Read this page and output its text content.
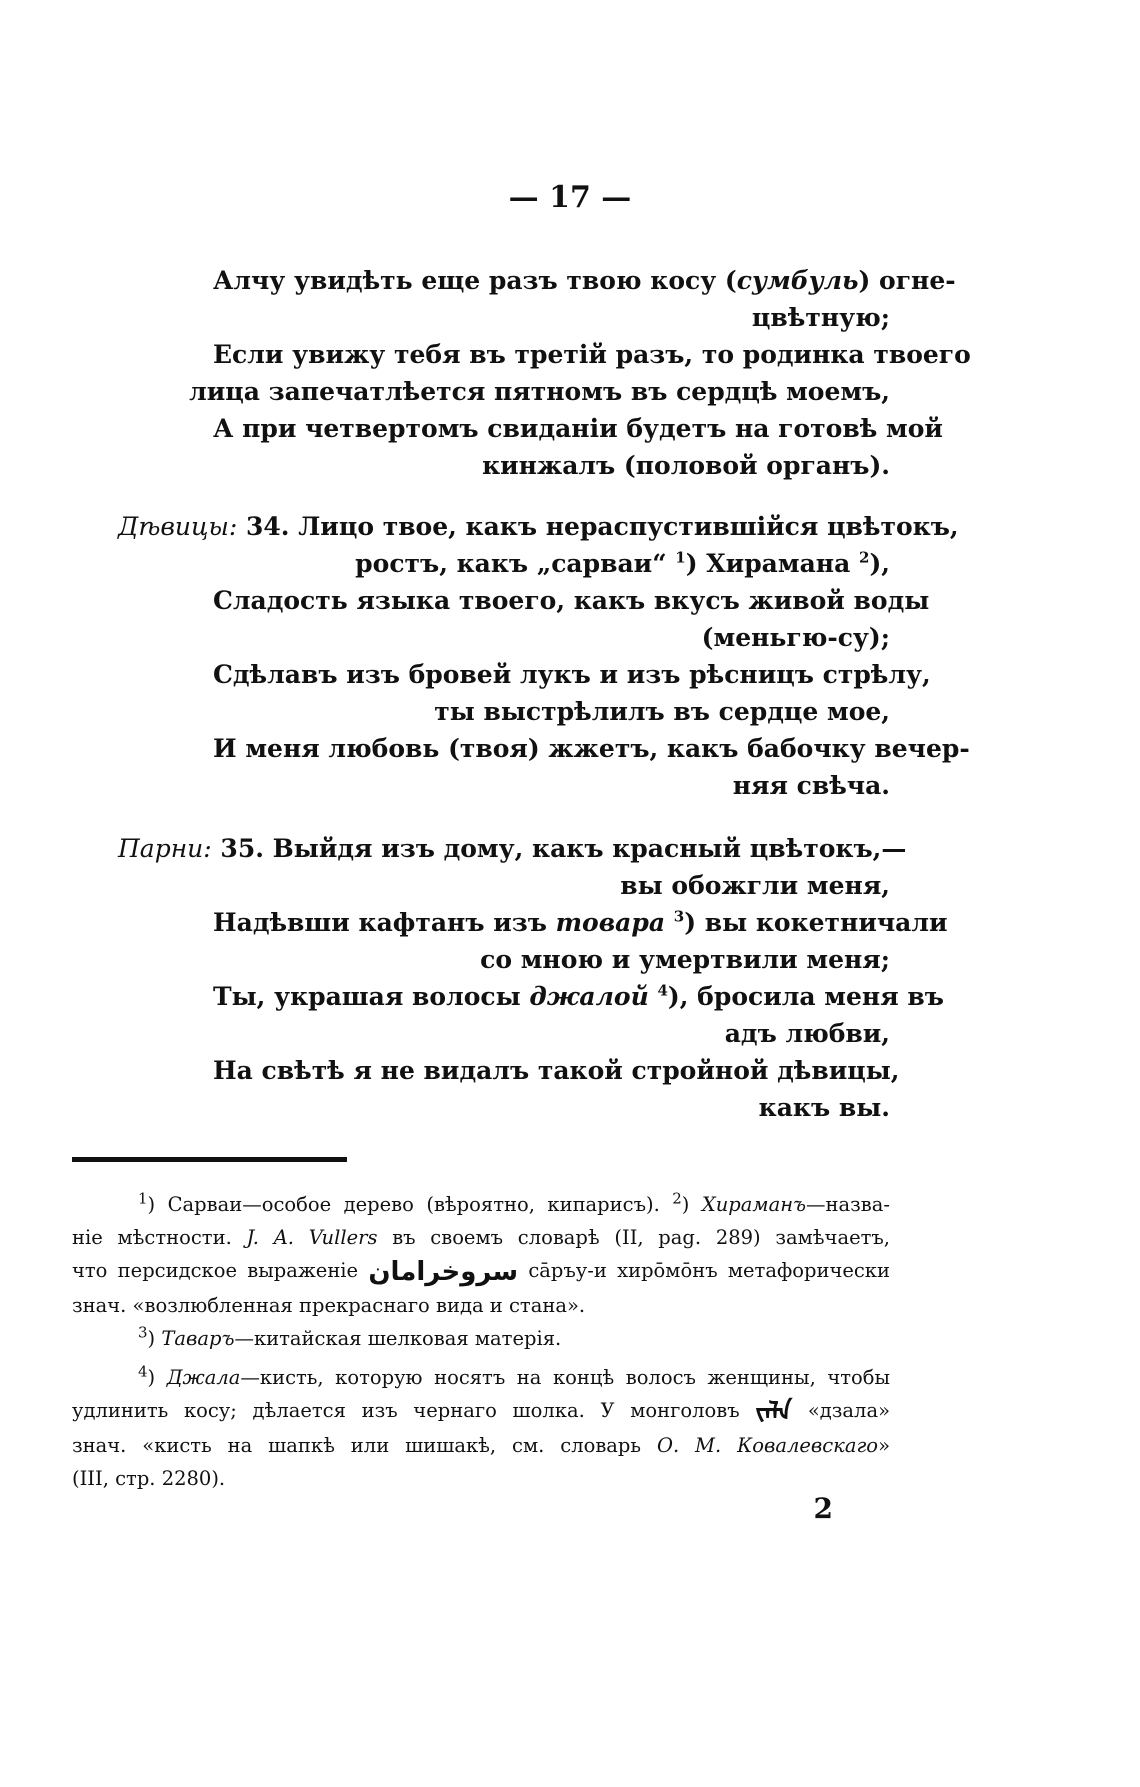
— 17 —
Алчу увидѣть еще разъ твою косу (сумбуль) огне-
цвѣтную;
Если увижу тебя въ третій разъ, то родинка твоего
лица запечатлѣется пятномъ въ сердцѣ моемъ,
А при четвертомъ свиданіи будетъ на готовѣ мой
кинжалъ (половой органъ).
Дѣвицы: 34. Лицо твое, какъ нераспустившійся цвѣтокъ,
ростъ, какъ „сарваи“ $^1$) Хирамана $^2$),
Сладость языка твоего, какъ вкусъ живой воды
(меньгю-су);
Сдѣлавъ изъ бровей лукъ и изъ рѣсницъ стрѣлу,
ты выстрѣлилъ въ сердце мое,
И меня любовь (твоя) жжетъ, какъ бабочку вечер-
няя свѣча.
Парни: 35. Выйдя изъ дому, какъ красный цвѣтокъ,—
вы обожгли меня,
Надѣвши кафтанъ изъ товара $^3$) вы кокетничали
со мною и умертвили меня;
Ты, украшая волосы джалой $^4$), бросила меня въ
адъ любви,
На свѣтѣ я не видалъ такой стройной дѣвицы,
какъ вы.
$^1$) Сарваи—особое дерево (вѣроятно, кипарисъ). $^2$) Хираманъ—назва-
ніе мѣстности. J. A. Vullers въ своемъ словарѣ (II, pag. 289) замѣчаетъ,
что персидское выраженіе سروخرامان сāръу-и хирōмōнъ метафорически
знач. «возлюбленная прекраснаго вида и стана».
$^3$) Таваръ—китайская шелковая матерія.
$^4$) Джала—кисть, которую носятъ на концѣ волосъ женщины, чтобы
удлинить косу; дѣлается изъ чернаго шолка. У монголовъ ᠵᠠᠯᠠ «дзала»
знач. «кисть на шапкѣ или шишакѣ, см. словарь О. М. Ковалевскаго»
(III, стр. 2280).
2
